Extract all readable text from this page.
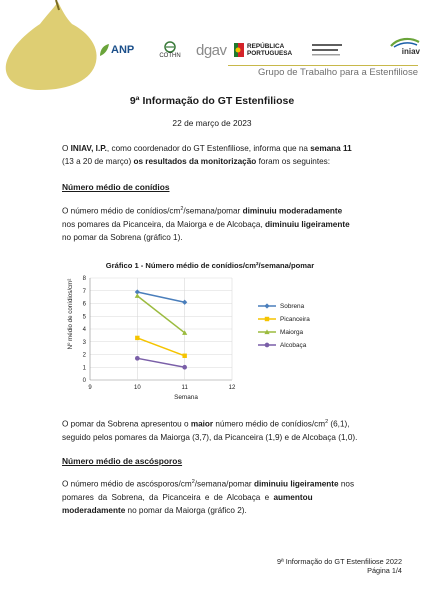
ANP	COTHN dgav	REPÚBLICA
PORTUGUESA	iniav
Grupo de Trabalho para a Estenfiliose
9ª Informação do GT Estenfiliose
22 de março de 2023
O INIAV, I.P., como coordenador do GT Estenfiliose, informa que na semana 11
(13 a 20 de março) os resultados da monitorização foram os seguintes:
Número médio de conídios
O número médio de conídios/$cm^2/semana$/pomar diminuiu moderadamente
nos pomares da Picanceira, da Maiorga e de Alcobaça, diminuiu ligeiramente
no pomar da Sobrena (gráfico 1).
Gráfico 1 - Número médio de conídios/cm²/semana/pomar
0
1
2
3
4
5
6
7
8
9	10	11	12
Nº médio de conídios/cm²
Semana
Sobrena
Picanceira
Maiorga
Alcobaça
O pomar da Sobrena apresentou o maior número médio de conídios/$cm^2$ (6,1),
seguido pelos pomares da Maiorga (3,7), da Picanceira (1,9) e de Alcobaça (1,0).
Número médio de ascósporos
O número médio de ascósporos/$cm^2/semana$/pomar diminuiu ligeiramente nos
pomares da Sobrena, da Picanceira e de Alcobaça e aumentou
moderadamente no pomar da Maiorga (gráfico 2).
9ª Informação do GT Estenfiliose 2022
Página 1/4
